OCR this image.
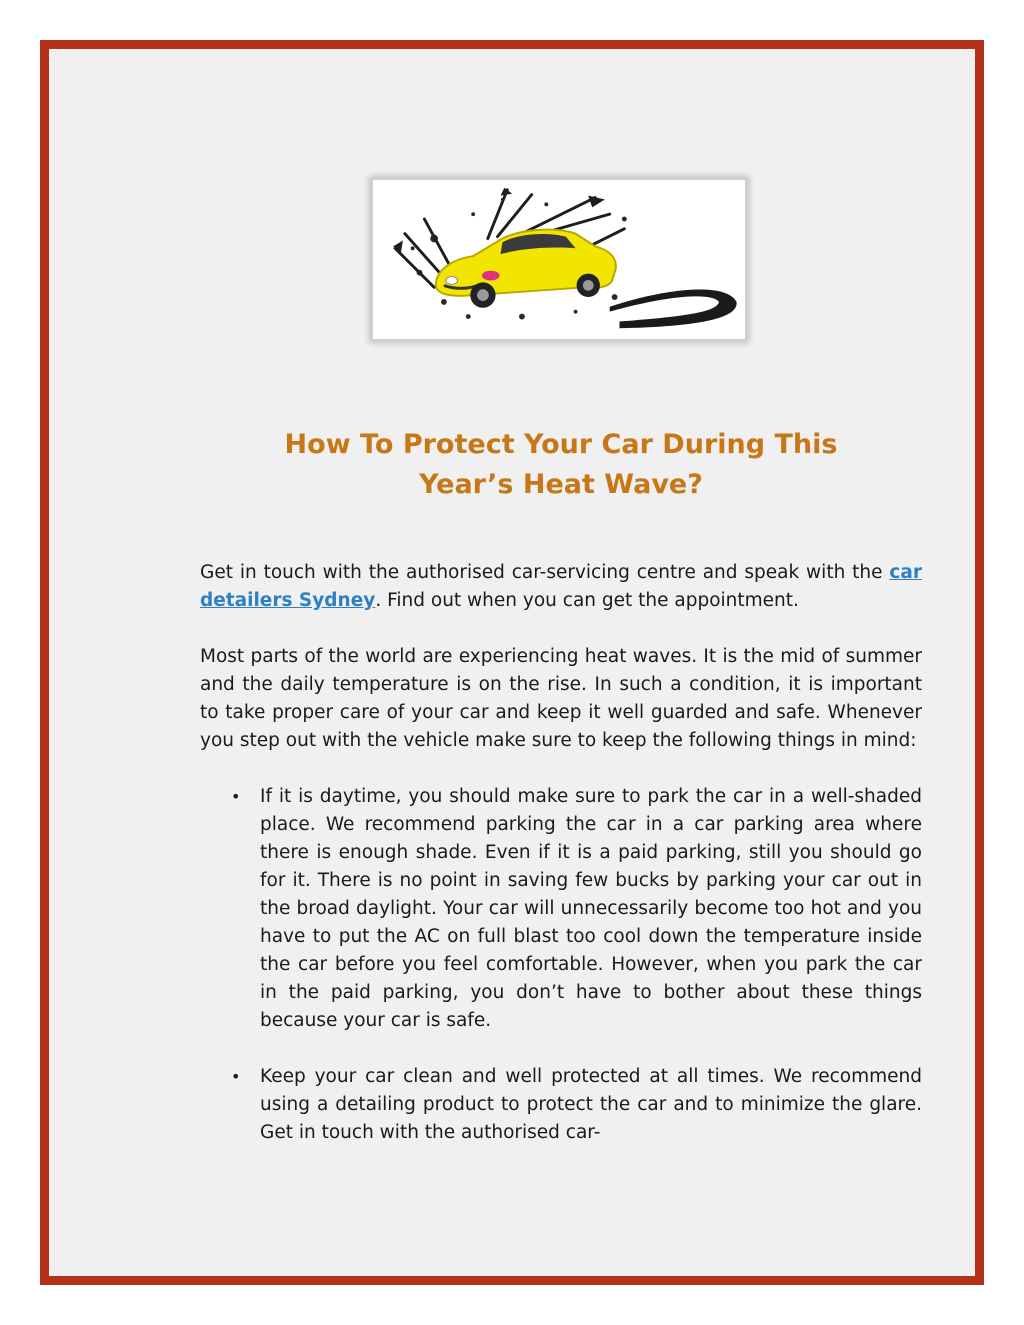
How To Protect Your Car During This
Year’s Heat Wave?

Get in touch with the authorised car-servicing centre and speak with the car detailers Sydney. Find out when you can get the appointment.

Most parts of the world are experiencing heat waves. It is the mid of summer and the daily temperature is on the rise. In such a condition, it is important to take proper care of your car and keep it well guarded and safe. Whenever you step out with the vehicle make sure to keep the following things in mind:

• If it is daytime, you should make sure to park the car in a well-shaded place. We recommend parking the car in a car parking area where there is enough shade. Even if it is a paid parking, still you should go for it. There is no point in saving few bucks by parking your car out in the broad daylight. Your car will unnecessarily become too hot and you have to put the AC on full blast too cool down the temperature inside the car before you feel comfortable. However, when you park the car in the paid parking, you don’t have to bother about these things because your car is safe.
• Keep your car clean and well protected at all times. We recommend using a detailing product to protect the car and to minimize the glare. Get in touch with the authorised car-
